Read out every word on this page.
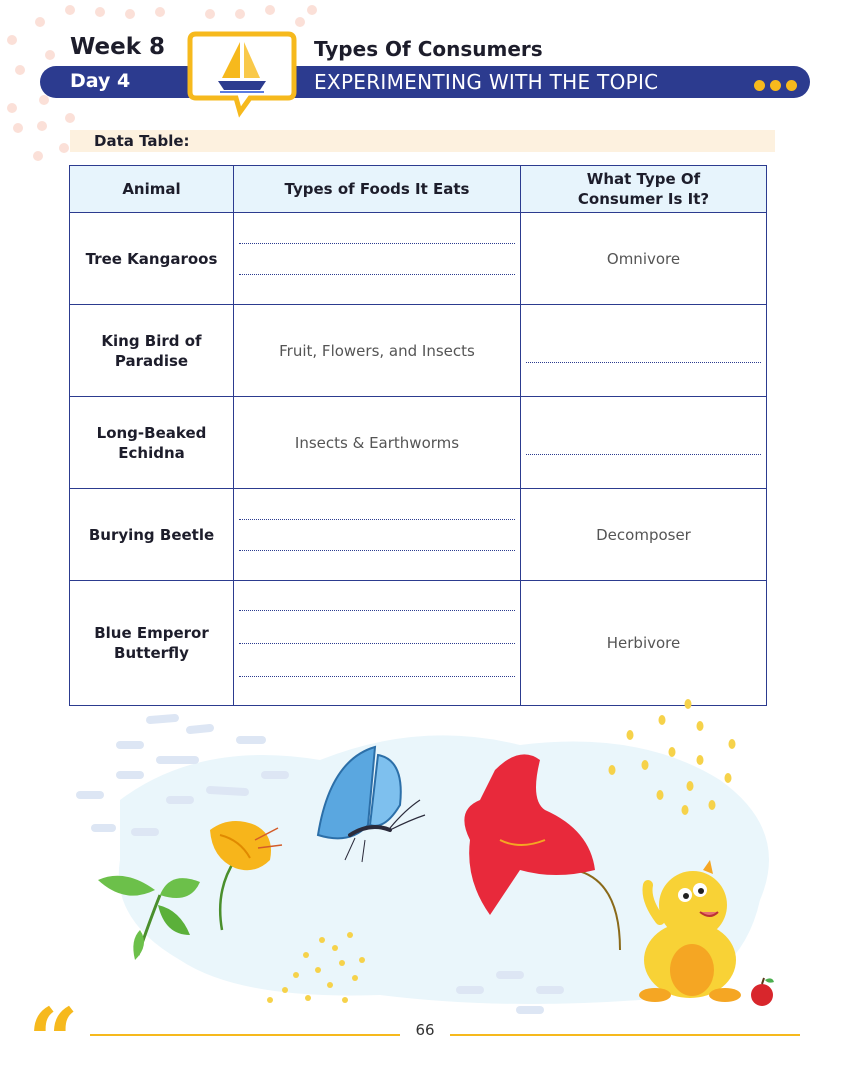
Week 8	Types Of Consumers
Day 4	EXPERIMENTING WITH THE TOPIC
Data Table:
Animal	Types of Foods It Eats	What Type Of Consumer Is It?

Tree Kangaroos		Omnivore

King Bird of Paradise	Fruit, Flowers, and Insects	

Long-Beaked Echidna	Insects & Earthworms	

Burying Beetle		Decomposer

Blue Emperor Butterfly		Herbivore
“	66
